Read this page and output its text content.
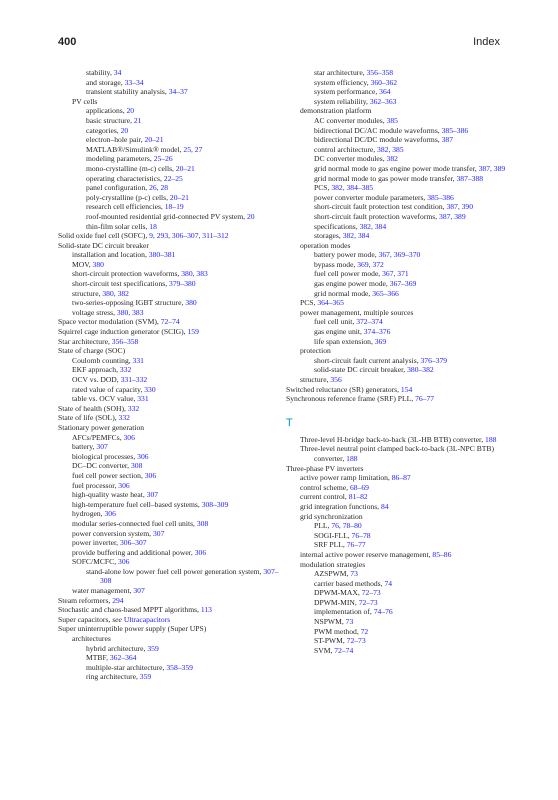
400	Index
stability, 34
and storage, 33–34
transient stability analysis, 34–37
PV cells
applications, 20
basic structure, 21
categories, 20
electron–hole pair, 20–21
MATLAB®/Simulink® model, 25, 27
modeling parameters, 25–26
mono-crystalline (m-c) cells, 20–21
operating characteristics, 22–25
panel configuration, 26, 28
poly-crystalline (p-c) cells, 20–21
research cell efficiencies, 18–19
roof-mounted residential grid-connected PV system, 20
thin-film solar cells, 18
Solid oxide fuel cell (SOFC), 9, 293, 306–307, 311–312
Solid-state DC circuit breaker
installation and location, 380–381
MOV, 380
short-circuit protection waveforms, 380, 383
short-circuit test specifications, 379–380
structure, 380, 382
two-series-opposing IGBT structure, 380
voltage stress, 380, 383
Space vector modulation (SVM), 72–74
Squirrel cage induction generator (SCIG), 159
Star architecture, 356–358
State of charge (SOC)
Coulomb counting, 331
EKF approach, 332
OCV vs. DOD, 331–332
rated value of capacity, 330
table vs. OCV value, 331
State of health (SOH), 332
State of life (SOL), 332
Stationary power generation
AFCs/PEMFCs, 306
battery, 307
biological processes, 306
DC–DC converter, 308
fuel cell power section, 306
fuel processor, 306
high-quality waste heat, 307
high-temperature fuel cell–based systems, 308–309
hydrogen, 306
modular series-connected fuel cell units, 308
power conversion system, 307
power inverter, 306–307
provide buffering and additional power, 306
SOFC/MCFC, 306
stand-alone low power fuel cell power generation system, 307–308
water management, 307
Steam reformers, 294
Stochastic and chaos-based MPPT algorithms, 113
Super capacitors, see Ultracapacitors
Super uninterruptible power supply (Super UPS)
architectures
hybrid architecture, 359
MTBF, 362–364
multiple-star architecture, 358–359
ring architecture, 359
star architecture, 356–358
system efficiency, 360–362
system performance, 364
system reliability, 362–363
demonstration platform
AC converter modules, 385
bidirectional DC/AC module waveforms, 385–386
bidirectional DC/DC module waveforms, 387
control architecture, 382, 385
DC converter modules, 382
grid normal mode to gas engine power mode transfer, 387, 389
grid normal mode to gas power mode transfer, 387–388
PCS, 382, 384–385
power converter module parameters, 385–386
short-circuit fault protection test condition, 387, 390
short-circuit fault protection waveforms, 387, 389
specifications, 382, 384
storages, 382, 384
operation modes
battery power mode, 367, 369–370
bypass mode, 369, 372
fuel cell power mode, 367, 371
gas engine power mode, 367–369
grid normal mode, 365–366
PCS, 364–365
power management, multiple sources
fuel cell unit, 372–374
gas engine unit, 374–376
life span extension, 369
protection
short-circuit fault current analysis, 376–379
solid-state DC circuit breaker, 380–382
structure, 356
Switched reluctance (SR) generators, 154
Synchronous reference frame (SRF) PLL, 76–77
T
Three-level H-bridge back-to-back (3L-HB BTB) converter, 188
Three-level neutral point clamped back-to-back (3L-NPC BTB) converter, 188
Three-phase PV inverters
active power ramp limitation, 86–87
control scheme, 68–69
current control, 81–82
grid integration functions, 84
grid synchronization
PLL, 76, 78–80
SOGI-FLL, 76–78
SRF PLL, 76–77
internal active power reserve management, 85–86
modulation strategies
AZSPWM, 73
carrier based methods, 74
DPWM-MAX, 72–73
DPWM-MIN, 72–73
implementation of, 74–76
NSPWM, 73
PWM method, 72
ST-PWM, 72–73
SVM, 72–74
